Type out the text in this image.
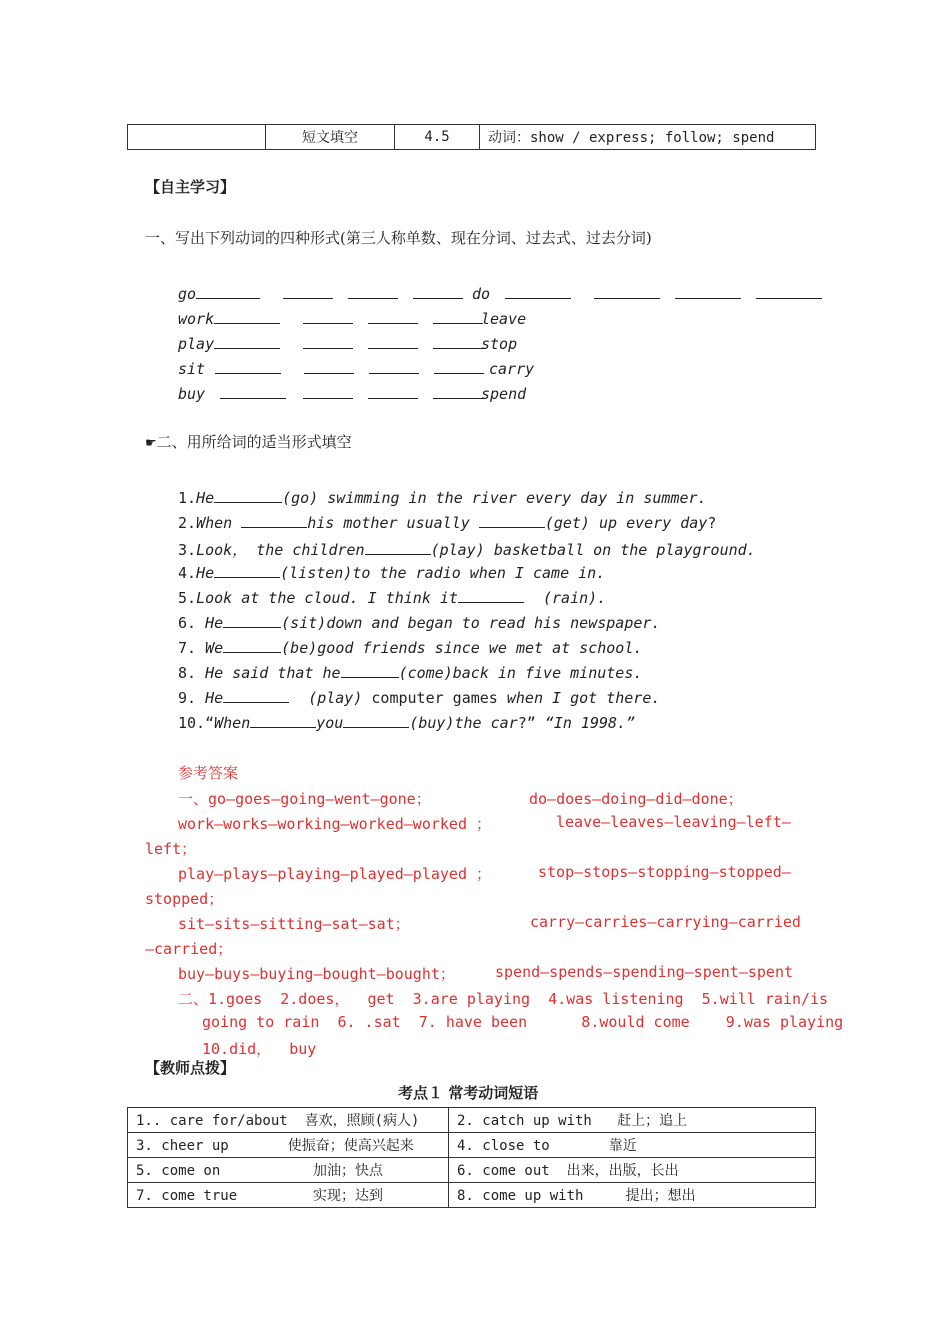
	短文填空	4.5	动词：show / express; follow; spend
【自主学习】
一、写出下列动词的四种形式(第三人称单数、现在分词、过去式、过去分词)
go	do
work	leave
play	stop
sit	carry
buy	spend
☛二、用所给词的适当形式填空
1.He	(go) swimming in the river every day in summer.
2.When	his mother usually	(get) up every day?
3.Look， the children	(play) basketball on the playground.
4.He	(listen)to the radio when I came in.
5.Look at the cloud. I think it	(rain).
6. He	(sit)down and began to read his newspaper.
7. We	(be)good friends since we met at school.
8. He said that he	(come)back in five minutes.
9. He	(play) computer games when I got there.
10.“When	you	(buy)the car?” “In 1998.”
参考答案
一、go—goes—going—went—gone；	do—does—doing—did—done；
work—works—working—worked—worked ；	leave—leaves—leaving—left—
left；
play—plays—playing—played—played ；	stop—stops—stopping—stopped—
stopped；
sit—sits—sitting—sat—sat；	carry—carries—carrying—carried
—carried；
buy—buys—buying—bought—bought；	spend—spends—spending—spent—spent
二、1.goes  2.does，  get  3.are playing  4.was listening  5.will rain/is
going to rain  6. .sat  7. have been      8.would come    9.was playing
10.did，  buy
【教师点拨】
考点１ 常考动词短语
1.. care for/about  喜欢，照顾(病人)	2. catch up with   赶上；追上
3. cheer up       使振奋；使高兴起来	4. close to       靠近
5. come on           加油；快点	6. come out  出来，出版，长出
7. come true         实现；达到	8. come up with     提出；想出
